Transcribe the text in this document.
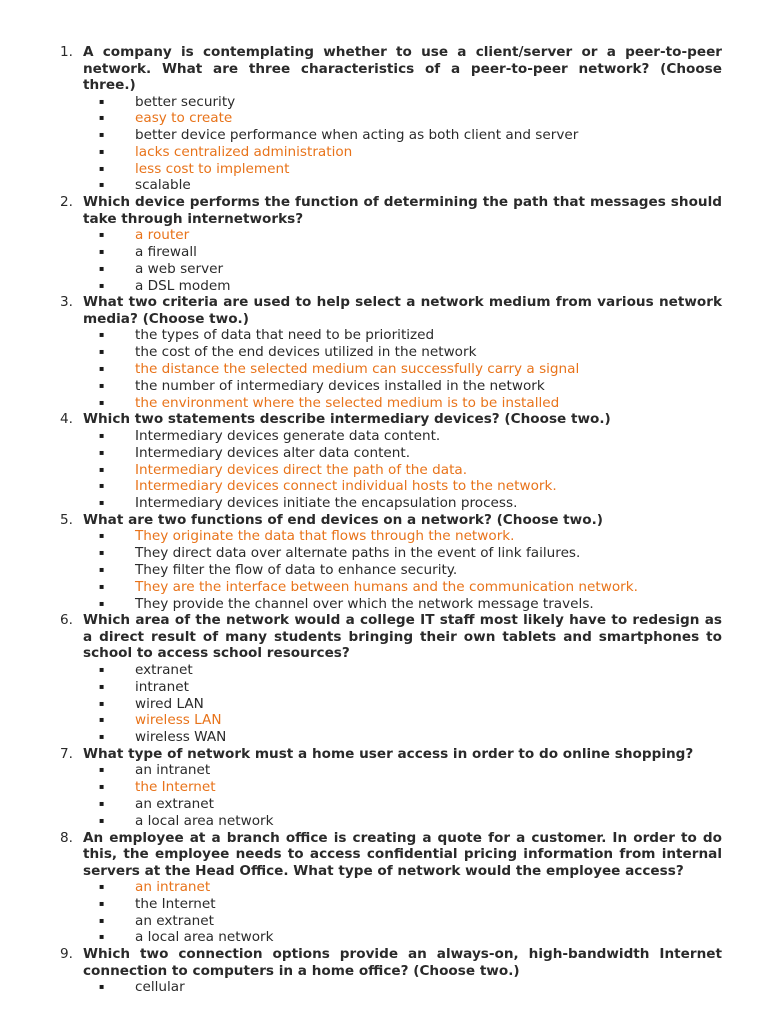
1. A company is contemplating whether to use a client/server or a peer-to-peer network. What are three characteristics of a peer-to-peer network? (Choose three.)
▪ better security
▪ easy to create
▪ better device performance when acting as both client and server
▪ lacks centralized administration
▪ less cost to implement
▪ scalable
2. Which device performs the function of determining the path that messages should take through internetworks?
▪ a router
▪ a firewall
▪ a web server
▪ a DSL modem
3. What two criteria are used to help select a network medium from various network media? (Choose two.)
▪ the types of data that need to be prioritized
▪ the cost of the end devices utilized in the network
▪ the distance the selected medium can successfully carry a signal
▪ the number of intermediary devices installed in the network
▪ the environment where the selected medium is to be installed
4. Which two statements describe intermediary devices? (Choose two.)
▪ Intermediary devices generate data content.
▪ Intermediary devices alter data content.
▪ Intermediary devices direct the path of the data.
▪ Intermediary devices connect individual hosts to the network.
▪ Intermediary devices initiate the encapsulation process.
5. What are two functions of end devices on a network? (Choose two.)
▪ They originate the data that flows through the network.
▪ They direct data over alternate paths in the event of link failures.
▪ They filter the flow of data to enhance security.
▪ They are the interface between humans and the communication network.
▪ They provide the channel over which the network message travels.
6. Which area of the network would a college IT staff most likely have to redesign as a direct result of many students bringing their own tablets and smartphones to school to access school resources?
▪ extranet
▪ intranet
▪ wired LAN
▪ wireless LAN
▪ wireless WAN
7. What type of network must a home user access in order to do online shopping?
▪ an intranet
▪ the Internet
▪ an extranet
▪ a local area network
8. An employee at a branch office is creating a quote for a customer. In order to do this, the employee needs to access confidential pricing information from internal servers at the Head Office. What type of network would the employee access?
▪ an intranet
▪ the Internet
▪ an extranet
▪ a local area network
9. Which two connection options provide an always-on, high-bandwidth Internet connection to computers in a home office? (Choose two.)
▪ cellular
